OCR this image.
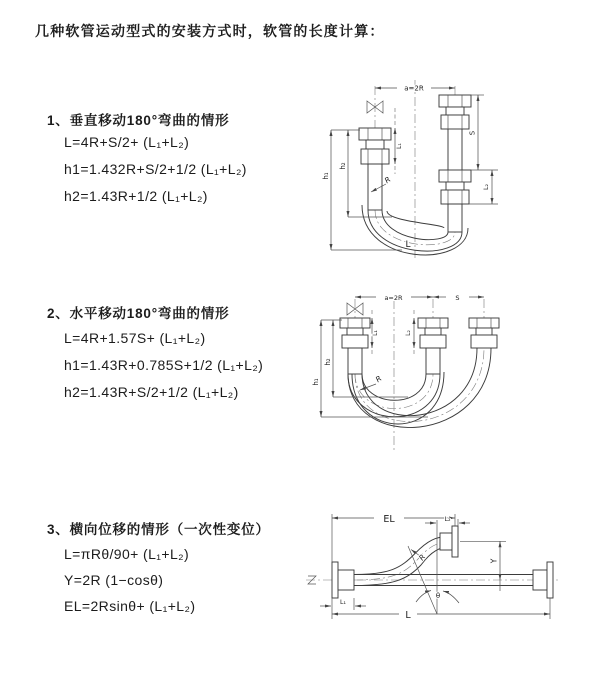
几种软管运动型式的安装方式时，软管的长度计算：
1、垂直移动180°弯曲的情形
L=4R+S/2+ (L₁+L₂)
h1=1.432R+S/2+1/2 (L₁+L₂)
h2=1.43R+1/2 (L₁+L₂)
2、水平移动180°弯曲的情形
L=4R+1.57S+ (L₁+L₂)
h1=1.43R+0.785S+1/2 (L₁+L₂)
h2=1.43R+S/2+1/2 (L₁+L₂)
3、横向位移的情形（一次性变位）
L=πRθ/90+ (L₁+L₂)
Y=2R (1−cosθ)
EL=2Rsinθ+ (L₁+L₂)
a=2R
h₁
h₂
L₁
S
L₂
R
L
a=2R	S
h₁
h₂
L₁	L₂
R
EL	L₂
Y
θ
R
L
L₁
